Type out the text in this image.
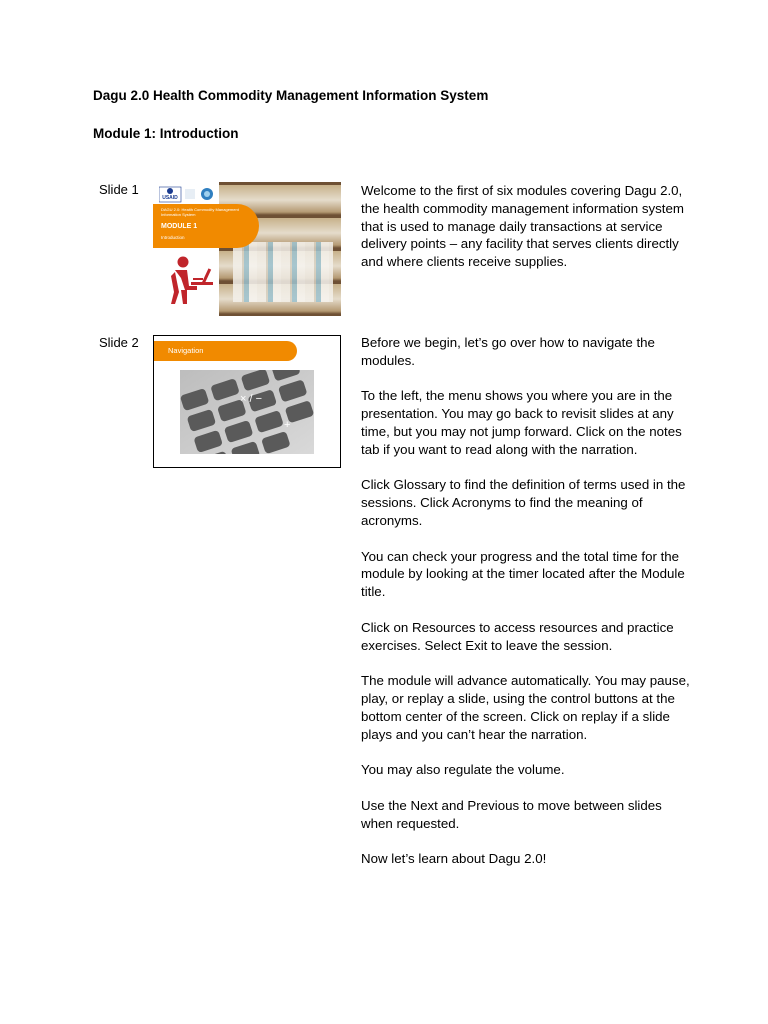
Dagu 2.0 Health Commodity Management Information System
Module 1: Introduction
Slide 1
USAID
DAGU 2.0: Health Commodity Management Information System
MODULE 1
Introduction

Welcome to the first of six modules covering Dagu 2.0, the health commodity management information system that is used to manage daily transactions at service delivery points – any facility that serves clients directly and where clients receive supplies.

Slide 2
Navigation
× / −
+

Before we begin, let’s go over how to navigate the modules.

To the left, the menu shows you where you are in the presentation. You may go back to revisit slides at any time, but you may not jump forward. Click on the notes tab if you want to read along with the narration.

Click Glossary to find the definition of terms used in the sessions. Click Acronyms to find the meaning of acronyms.

You can check your progress and the total time for the module by looking at the timer located after the Module title.

Click on Resources to access resources and practice exercises. Select Exit to leave the session.

The module will advance automatically. You may pause, play, or replay a slide, using the control buttons at the bottom center of the screen. Click on replay if a slide plays and you can’t hear the narration.

You may also regulate the volume.

Use the Next and Previous to move between slides when requested.

Now let’s learn about Dagu 2.0!
